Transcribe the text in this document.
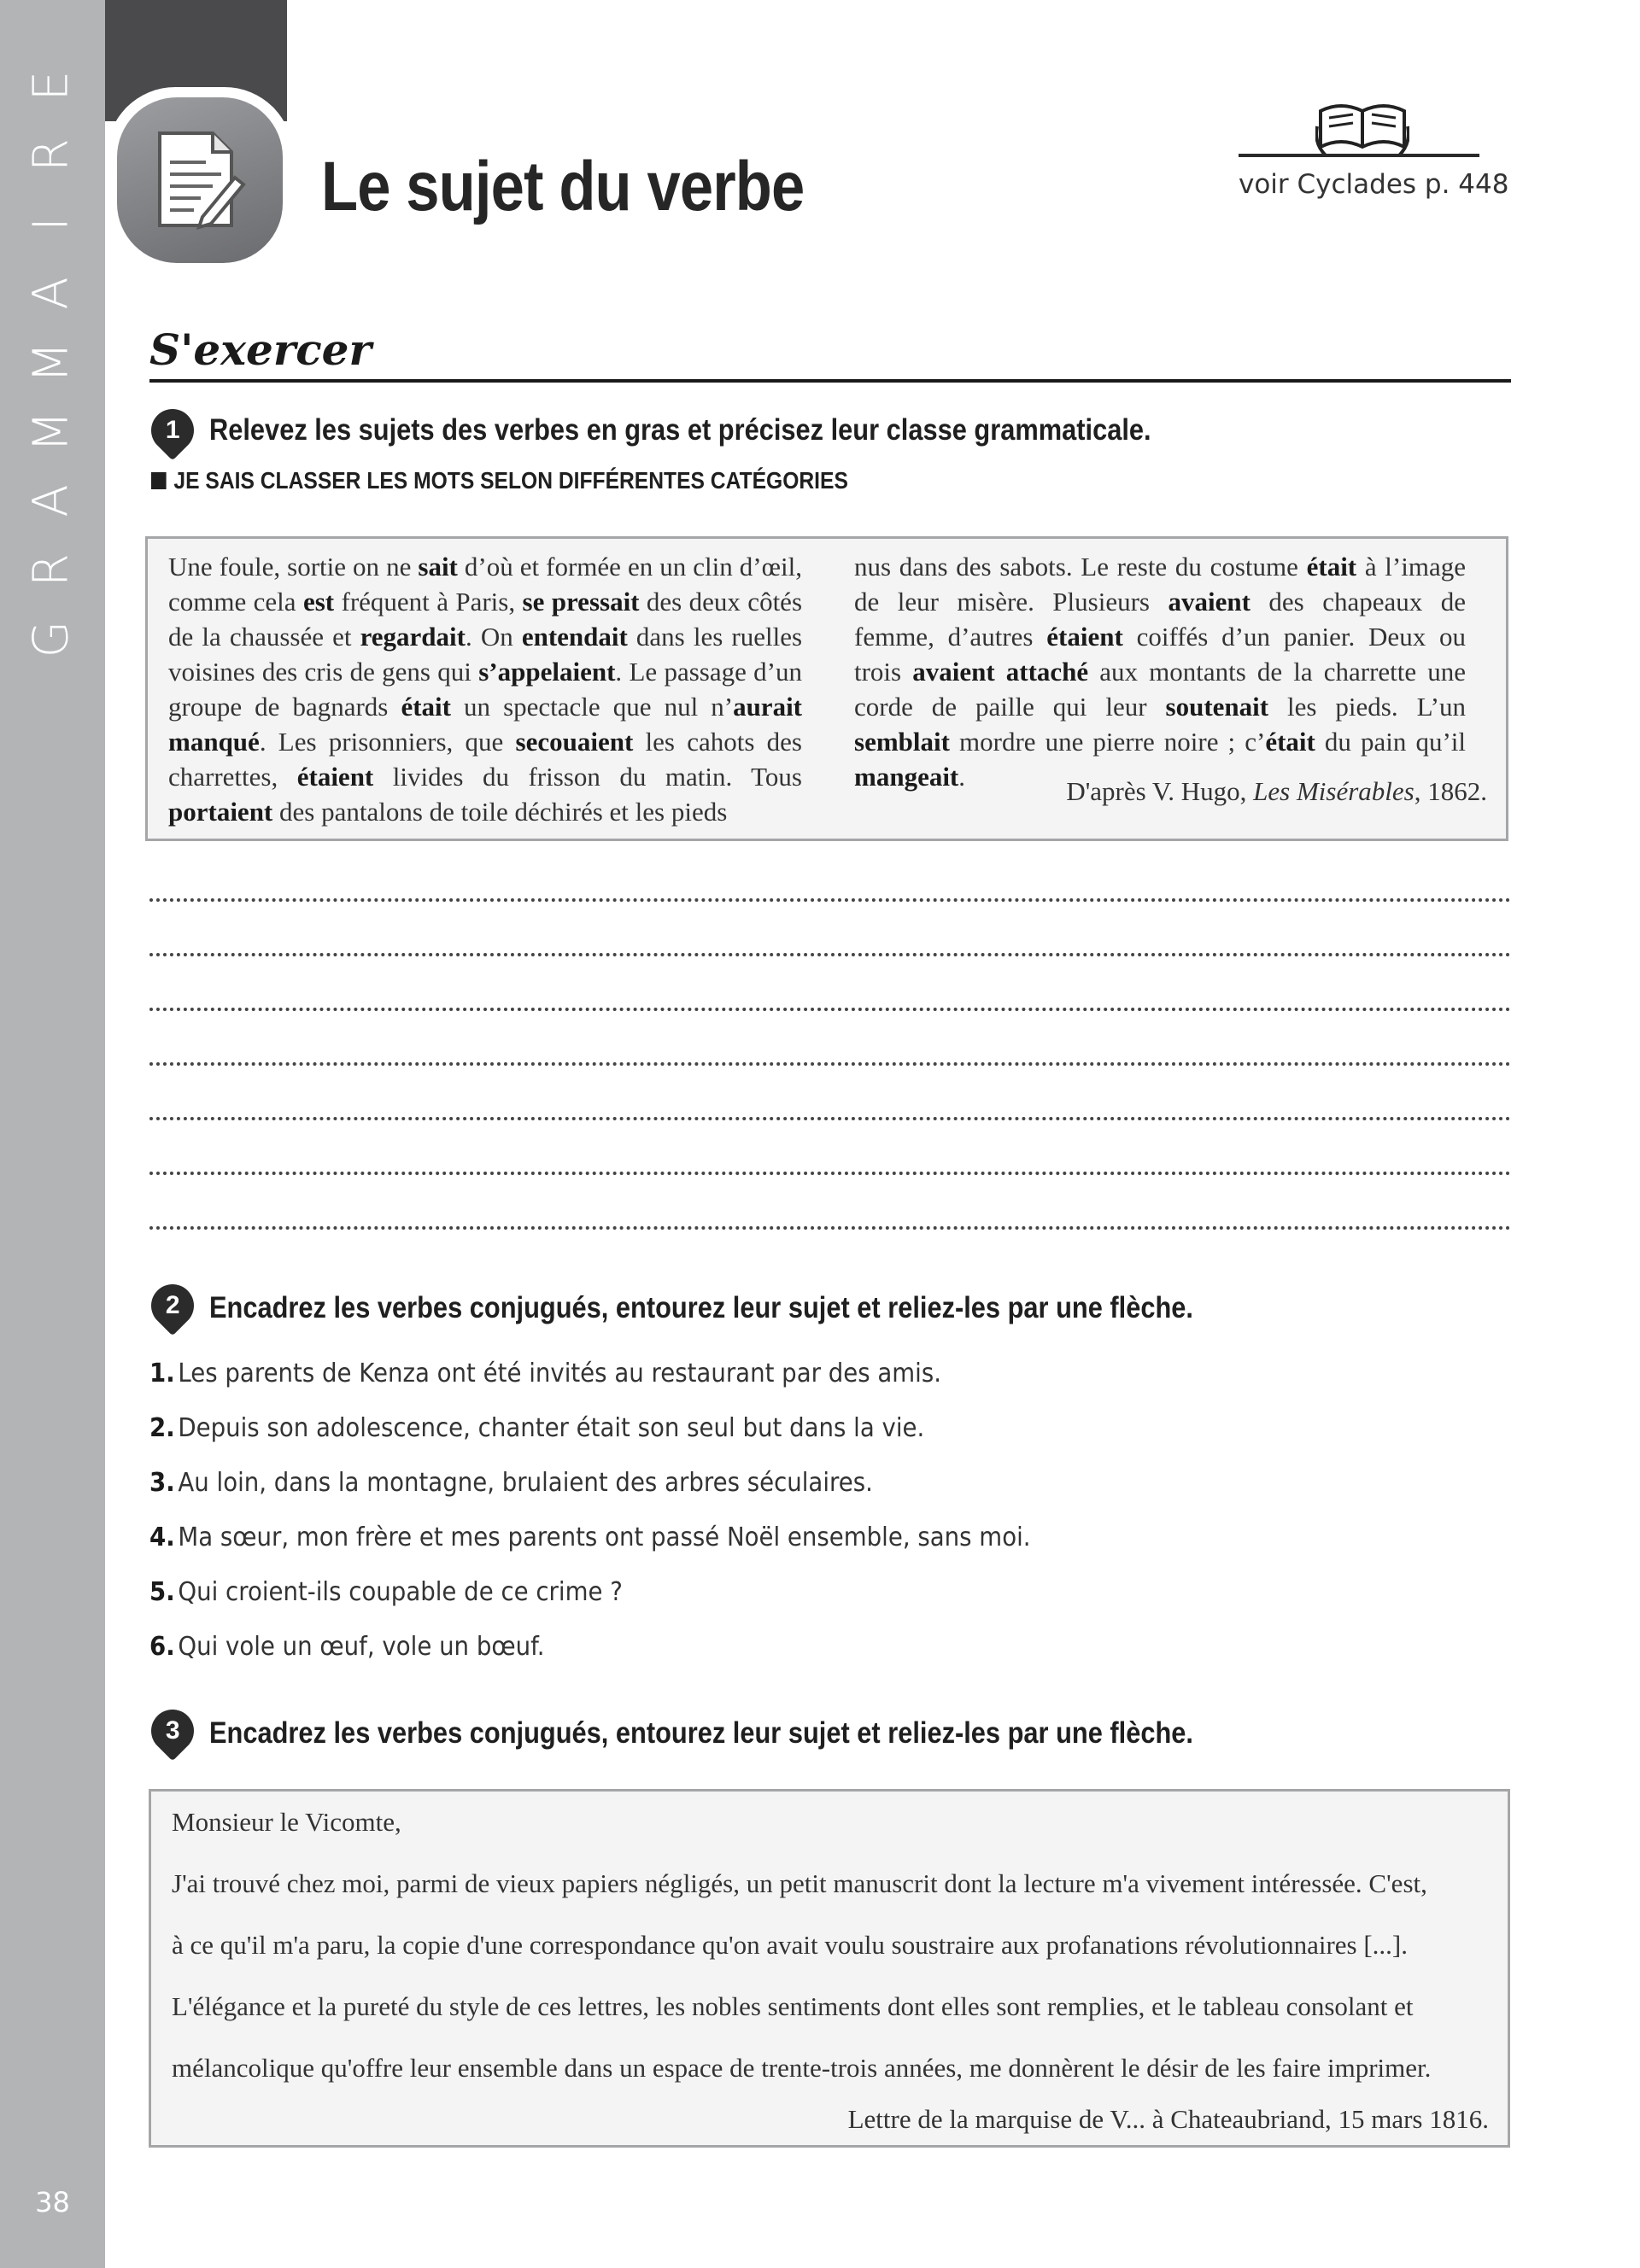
E
R
I
A
M
M
A
R
G
38
Le sujet du verbe	voir Cyclades p. 448
S'exercer
1 Relevez les sujets des verbes en gras et précisez leur classe grammaticale.
JE SAIS CLASSER LES MOTS SELON DIFFÉRENTES CATÉGORIES
Une foule, sortie on ne sait d’où et formée en un clin d’œil, comme cela est fréquent à Paris, se pressait des deux côtés de la chaussée et regardait. On entendait dans les ruelles voisines des cris de gens qui s’appelaient. Le passage d’un groupe de bagnards était un spectacle que nul n’aurait manqué. Les prisonniers, que secouaient les cahots des charrettes, étaient livides du frisson du matin. Tous portaient des pantalons de toile déchirés et les pieds
nus dans des sabots. Le reste du costume était à l’image de leur misère. Plusieurs avaient des chapeaux de femme, d’autres étaient coiffés d’un panier. Deux ou trois avaient attaché aux montants de la charrette une corde de paille qui leur soutenait les pieds. L’un semblait mordre une pierre noire ; c’était du pain qu’il mangeait.	D'après V. Hugo, Les Misérables, 1862.
2 Encadrez les verbes conjugués, entourez leur sujet et reliez-les par une flèche.
1. Les parents de Kenza ont été invités au restaurant par des amis.
2. Depuis son adolescence, chanter était son seul but dans la vie.
3. Au loin, dans la montagne, brulaient des arbres séculaires.
4. Ma sœur, mon frère et mes parents ont passé Noël ensemble, sans moi.
5. Qui croient-ils coupable de ce crime ?
6. Qui vole un œuf, vole un bœuf.
3 Encadrez les verbes conjugués, entourez leur sujet et reliez-les par une flèche.

Monsieur le Vicomte,

J'ai trouvé chez moi, parmi de vieux papiers négligés, un petit manuscrit dont la lecture m'a vivement intéressée. C'est,

à ce qu'il m'a paru, la copie d'une correspondance qu'on avait voulu soustraire aux profanations révolutionnaires [...].

L'élégance et la pureté du style de ces lettres, les nobles sentiments dont elles sont remplies, et le tableau consolant et

mélancolique qu'offre leur ensemble dans un espace de trente-trois années, me donnèrent le désir de les faire imprimer.

Lettre de la marquise de V... à Chateaubriand, 15 mars 1816.
